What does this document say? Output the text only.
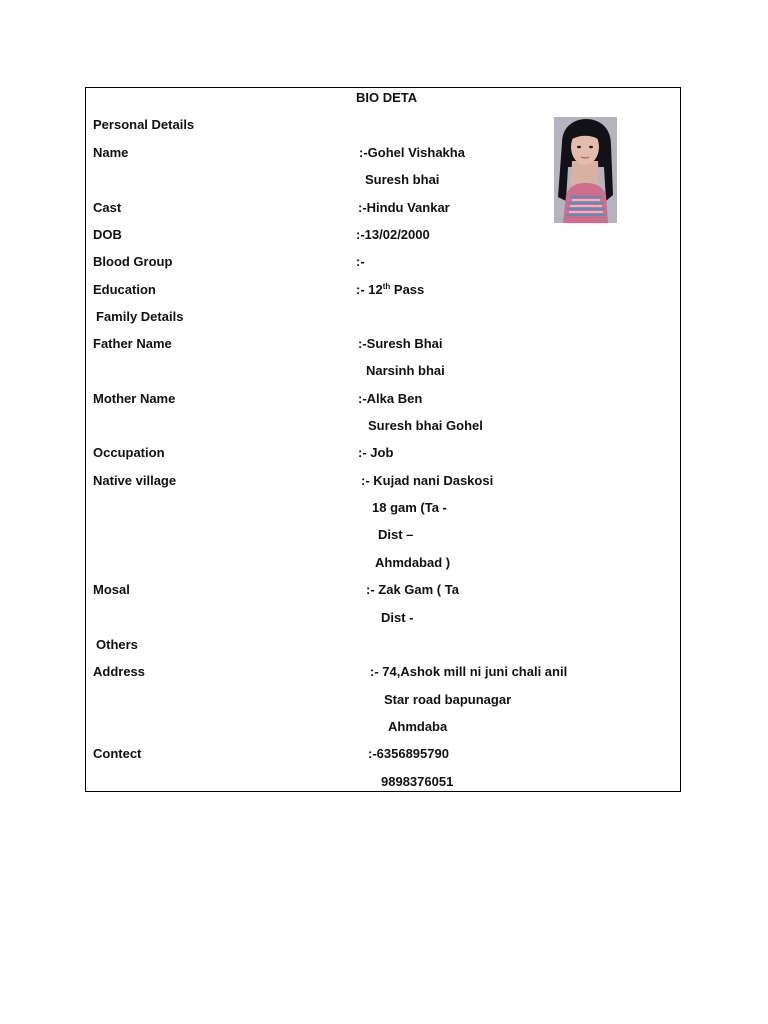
BIO DETA
Personal Details
Name	:-Gohel Vishakha
Suresh bhai
Cast	:-Hindu Vankar
DOB	:-13/02/2000
Blood Group	:-
Education	:- 12th Pass
Family Details
Father Name	:-Suresh Bhai
Narsinh bhai
Mother Name	:-Alka Ben
Suresh bhai Gohel
Occupation	:- Job
Native village	:- Kujad nani Daskosi
18 gam (Ta -
Dist –
Ahmdabad )
Mosal	:- Zak Gam ( Ta
Dist -
Others
Address	:- 74,Ashok mill ni juni chali anil
Star road bapunagar
Ahmdaba
Contect	:-6356895790
9898376051
